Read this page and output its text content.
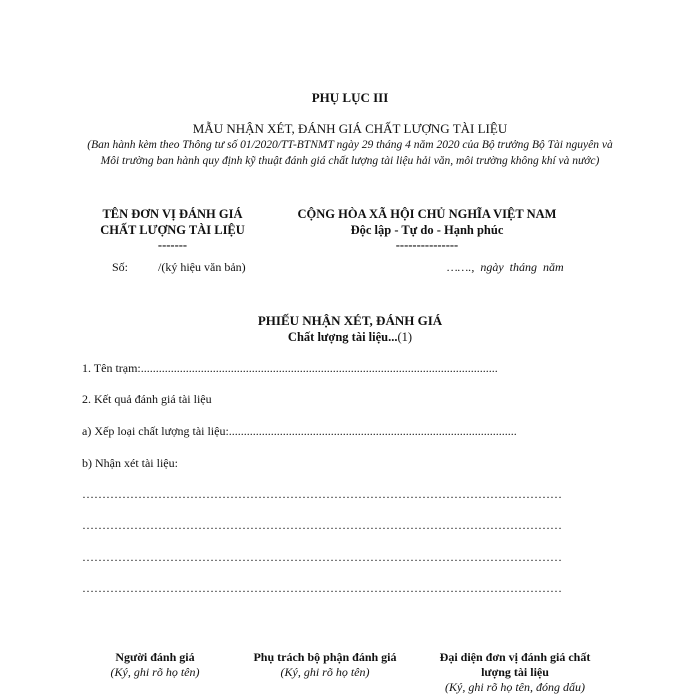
PHỤ LỤC III
MẪU NHẬN XÉT, ĐÁNH GIÁ CHẤT LƯỢNG TÀI LIỆU
(Ban hành kèm theo Thông tư số 01/2020/TT-BTNMT ngày 29 tháng 4 năm 2020 của Bộ trưởng Bộ Tài nguyên và Môi trường ban hành quy định kỹ thuật đánh giá chất lượng tài liệu hải văn, môi trường không khí và nước)
TÊN ĐƠN VỊ ĐÁNH GIÁ
CHẤT LƯỢNG TÀI LIỆU
-------
CỘNG HÒA XÃ HỘI CHỦ NGHĨA VIỆT NAM
Độc lập - Tự do - Hạnh phúc
---------------
Số:	/(ký hiệu văn bản)	……., ngày tháng năm
PHIẾU NHẬN XÉT, ĐÁNH GIÁ
Chất lượng tài liệu...(1)
1. Tên trạm:.......................................................................................................................
2. Kết quả đánh giá tài liệu
a) Xếp loại chất lượng tài liệu:................................................................................................
b) Nhận xét tài liệu:
…………………………………………………………………………………………………………
…………………………………………………………………………………………………………
…………………………………………………………………………………………………………
…………………………………………………………………………………………………………
Người đánh giá
(Ký, ghi rõ họ tên)
Phụ trách bộ phận đánh giá
(Ký, ghi rõ họ tên)
Đại diện đơn vị đánh giá chất
lượng tài liệu
(Ký, ghi rõ họ tên, đóng dấu)
